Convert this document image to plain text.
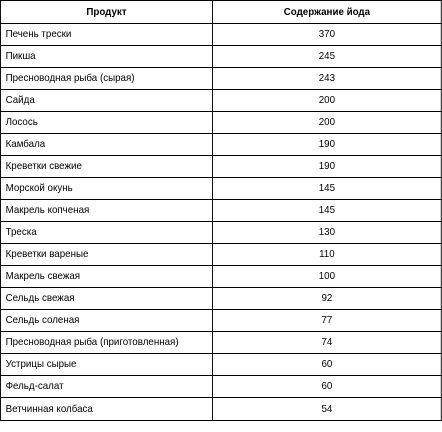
Продукт	Содержание йода
Печень трески	370
Пикша	245
Пресноводная рыба (сырая)	243
Сайда	200
Лосось	200
Камбала	190
Креветки свежие	190
Морской окунь	145
Макрель копченая	145
Треска	130
Креветки вареные	110
Макрель свежая	100
Сельдь свежая	92
Сельдь соленая	77
Пресноводная рыба (приготовленная)	74
Устрицы сырые	60
Фельд-салат	60
Ветчинная колбаса	54
